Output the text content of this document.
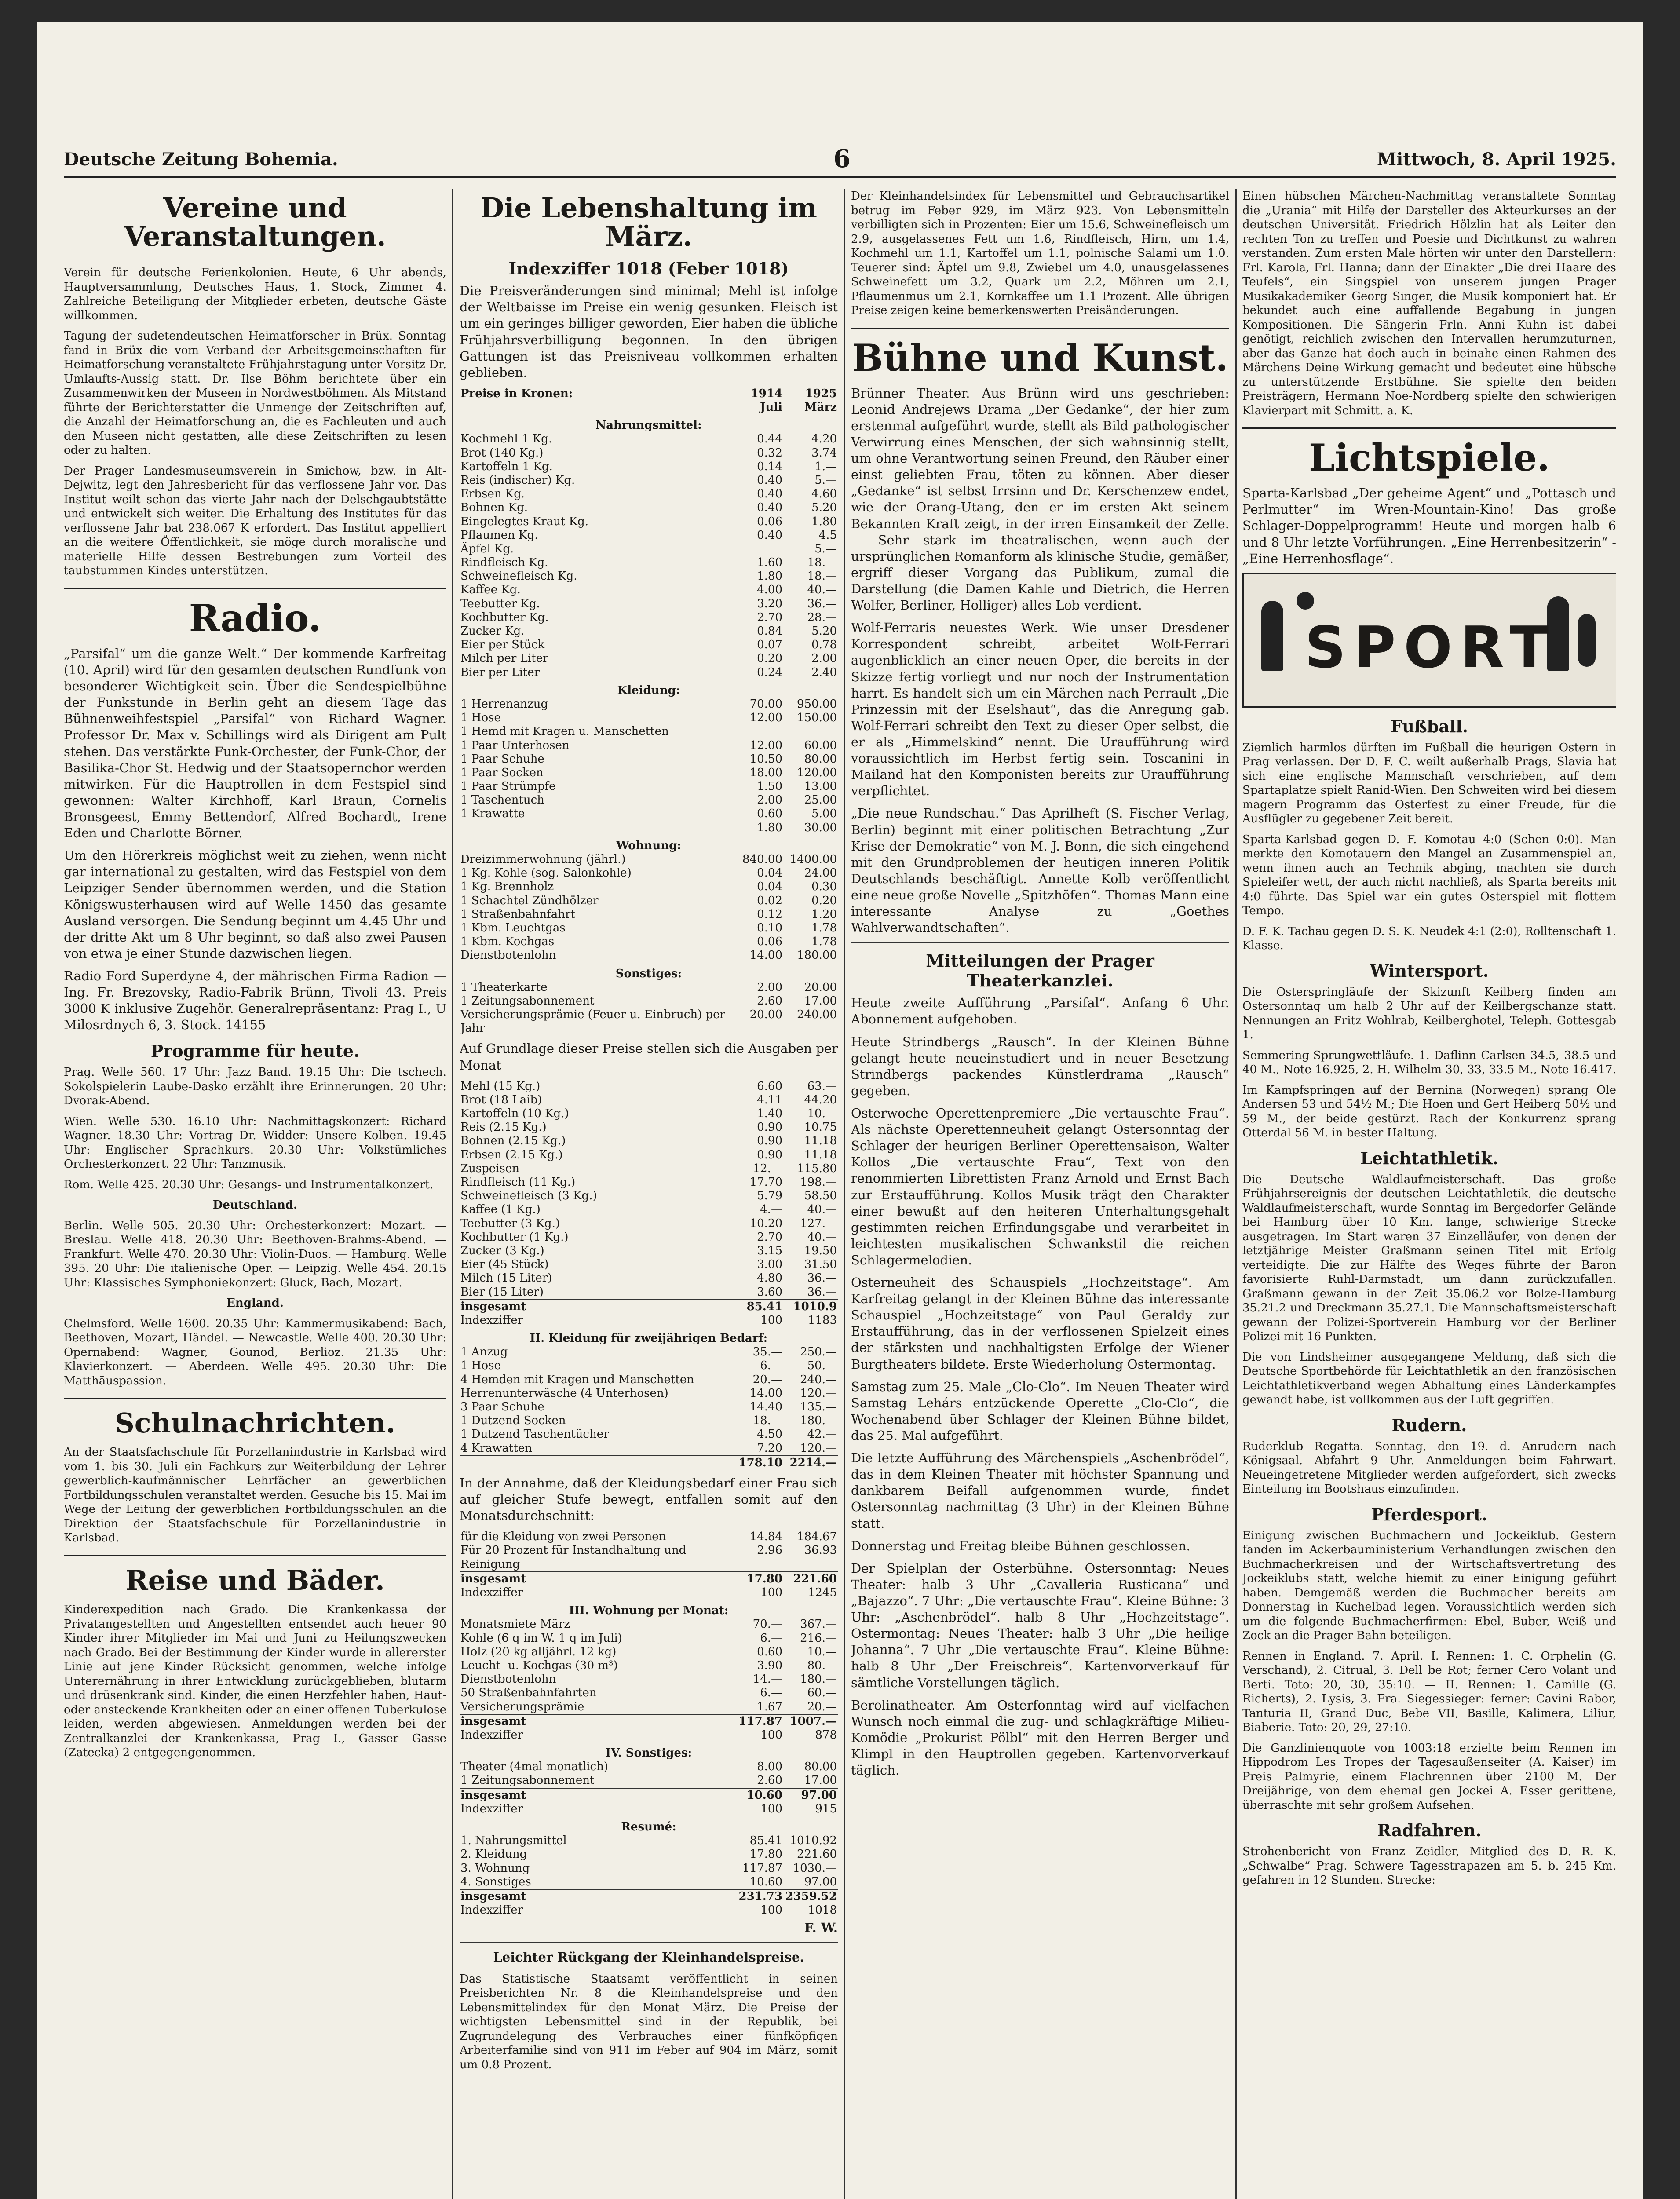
Deutsche Zeitung Bohemia.	6	Mittwoch, 8. April 1925.
Vereine und Veranstaltungen.

Verein für deutsche Ferienkolonien. Heute, 6 Uhr abends, Hauptversammlung, Deutsches Haus, 1. Stock, Zimmer 4. Zahlreiche Beteiligung der Mitglieder erbeten, deutsche Gäste willkommen.

Tagung der sudetendeutschen Heimatforscher in Brüx. Sonntag fand in Brüx die vom Verband der Arbeitsgemeinschaften für Heimatforschung veranstaltete Frühjahrstagung unter Vorsitz Dr. Umlaufts-Aussig statt. Dr. Ilse Böhm berichtete über ein Zusammenwirken der Museen in Nordwestböhmen. Als Mitstand führte der Berichterstatter die Unmenge der Zeitschriften auf, die Anzahl der Heimatforschung an, die es Fachleuten und auch den Museen nicht gestatten, alle diese Zeitschriften zu lesen oder zu halten.

Der Prager Landesmuseumsverein in Smichow, bzw. in Alt-Dejwitz, legt den Jahresbericht für das verflossene Jahr vor. Das Institut weilt schon das vierte Jahr nach der Delschgaubtstätte und entwickelt sich weiter. Die Erhaltung des Institutes für das verflossene Jahr bat 238.067 K erfordert. Das Institut appelliert an die weitere Öffentlichkeit, sie möge durch moralische und materielle Hilfe dessen Bestrebungen zum Vorteil des taubstummen Kindes unterstützen.

Radio.

„Parsifal“ um die ganze Welt.“ Der kommende Karfreitag (10. April) wird für den gesamten deutschen Rundfunk von besonderer Wichtigkeit sein. Über die Sendespielbühne der Funkstunde in Berlin geht an diesem Tage das Bühnenweihfestspiel „Parsifal“ von Richard Wagner. Professor Dr. Max v. Schillings wird als Dirigent am Pult stehen. Das verstärkte Funk-Orchester, der Funk-Chor, der Basilika-Chor St. Hedwig und der Staatsopernchor werden mitwirken. Für die Hauptrollen in dem Festspiel sind gewonnen: Walter Kirchhoff, Karl Braun, Cornelis Bronsgeest, Emmy Bettendorf, Alfred Bochardt, Irene Eden und Charlotte Börner.

Um den Hörerkreis möglichst weit zu ziehen, wenn nicht gar international zu gestalten, wird das Festspiel von dem Leipziger Sender übernommen werden, und die Station Königswusterhausen wird auf Welle 1450 das gesamte Ausland versorgen. Die Sendung beginnt um 4.45 Uhr und der dritte Akt um 8 Uhr beginnt, so daß also zwei Pausen von etwa je einer Stunde dazwischen liegen.

Radio Ford Superdyne 4, der mährischen Firma Radion — Ing. Fr. Brezovsky, Radio-Fabrik Brünn, Tivoli 43. Preis 3000 K inklusive Zugehör. Generalrepräsentanz: Prag I., U Milosrdnych 6, 3. Stock. 14155

Programme für heute.

Prag. Welle 560. 17 Uhr: Jazz Band. 19.15 Uhr: Die tschech. Sokolspielerin Laube-Dasko erzählt ihre Erinnerungen. 20 Uhr: Dvorak-Abend.

Wien. Welle 530. 16.10 Uhr: Nachmittagskonzert: Richard Wagner. 18.30 Uhr: Vortrag Dr. Widder: Unsere Kolben. 19.45 Uhr: Englischer Sprachkurs. 20.30 Uhr: Volkstümliches Orchesterkonzert. 22 Uhr: Tanzmusik.

Rom. Welle 425. 20.30 Uhr: Gesangs- und Instrumentalkonzert.

Deutschland.

Berlin. Welle 505. 20.30 Uhr: Orchesterkonzert: Mozart. — Breslau. Welle 418. 20.30 Uhr: Beethoven-Brahms-Abend. — Frankfurt. Welle 470. 20.30 Uhr: Violin-Duos. — Hamburg. Welle 395. 20 Uhr: Die italienische Oper. — Leipzig. Welle 454. 20.15 Uhr: Klassisches Symphoniekonzert: Gluck, Bach, Mozart.

England.

Chelmsford. Welle 1600. 20.35 Uhr: Kammermusikabend: Bach, Beethoven, Mozart, Händel. — Newcastle. Welle 400. 20.30 Uhr: Opernabend: Wagner, Gounod, Berlioz. 21.35 Uhr: Klavierkonzert. — Aberdeen. Welle 495. 20.30 Uhr: Die Matthäuspassion.

Schulnachrichten.

An der Staatsfachschule für Porzellanindustrie in Karlsbad wird vom 1. bis 30. Juli ein Fachkurs zur Weiterbildung der Lehrer gewerblich-kaufmännischer Lehrfächer an gewerblichen Fortbildungsschulen veranstaltet werden. Gesuche bis 15. Mai im Wege der Leitung der gewerblichen Fortbildungsschulen an die Direktion der Staatsfachschule für Porzellanindustrie in Karlsbad.

Reise und Bäder.

Kinderexpedition nach Grado. Die Krankenkassa der Privatangestellten und Angestellten entsendet auch heuer 90 Kinder ihrer Mitglieder im Mai und Juni zu Heilungszwecken nach Grado. Bei der Bestimmung der Kinder wurde in allererster Linie auf jene Kinder Rücksicht genommen, welche infolge Unterernährung in ihrer Entwicklung zurückgeblieben, blutarm und drüsenkrank sind. Kinder, die einen Herzfehler haben, Haut- oder ansteckende Krankheiten oder an einer offenen Tuberkulose leiden, werden abgewiesen. Anmeldungen werden bei der Zentralkanzlei der Krankenkassa, Prag I., Gasser Gasse (Zatecka) 2 entgegengenommen.

Die Lebenshaltung im März.
Indexziffer 1018 (Feber 1018)

Die Preisveränderungen sind minimal; Mehl ist infolge der Weltbaisse im Preise ein wenig gesunken. Fleisch ist um ein geringes billiger geworden, Eier haben die übliche Frühjahrsverbilligung begonnen. In den übrigen Gattungen ist das Preisniveau vollkommen erhalten geblieben.

Preise in Kronen:	1914	1925
	Juli	März
Nahrungsmittel:		
Kochmehl 1 Kg.	0.44	4.20
Brot (140 Kg.)	0.32	3.74
Kartoffeln 1 Kg.	0.14	1.—
Reis (indischer) Kg.	0.40	5.—
Erbsen Kg.	0.40	4.60
Bohnen Kg.	0.40	5.20
Eingelegtes Kraut Kg.	0.06	1.80
Pflaumen Kg.	0.40	4.5
Äpfel Kg.		5.—
Rindfleisch Kg.	1.60	18.—
Schweinefleisch Kg.	1.80	18.—
Kaffee Kg.	4.00	40.—
Teebutter Kg.	3.20	36.—
Kochbutter Kg.	2.70	28.—
Zucker Kg.	0.84	5.20
Eier per Stück	0.07	0.78
Milch per Liter	0.20	2.00
Bier per Liter	0.24	2.40
Kleidung:		
1 Herrenanzug	70.00	950.00
1 Hose	12.00	150.00
1 Hemd mit Kragen u. Manschetten		
1 Paar Unterhosen	12.00	60.00
1 Paar Schuhe	10.50	80.00
1 Paar Socken	18.00	120.00
1 Paar Strümpfe	1.50	13.00
1 Taschentuch	2.00	25.00
1 Krawatte	0.60	5.00
	1.80	30.00
Wohnung:		
Dreizimmerwohnung (jährl.)	840.00	1400.00
1 Kg. Kohle (sog. Salonkohle)	0.04	24.00
1 Kg. Brennholz	0.04	0.30
1 Schachtel Zündhölzer	0.02	0.20
1 Straßenbahnfahrt	0.12	1.20
1 Kbm. Leuchtgas	0.10	1.78
1 Kbm. Kochgas	0.06	1.78
Dienstbotenlohn	14.00	180.00
Sonstiges:		
1 Theaterkarte	2.00	20.00
1 Zeitungsabonnement	2.60	17.00
Versicherungsprämie (Feuer u. Einbruch) per Jahr	20.00	240.00

Auf Grundlage dieser Preise stellen sich die Ausgaben per Monat

Mehl (15 Kg.)	6.60	63.—
Brot (18 Laib)	4.11	44.20
Kartoffeln (10 Kg.)	1.40	10.—
Reis (2.15 Kg.)	0.90	10.75
Bohnen (2.15 Kg.)	0.90	11.18
Erbsen (2.15 Kg.)	0.90	11.18
Zuspeisen	12.—	115.80
Rindfleisch (11 Kg.)	17.70	198.—
Schweinefleisch (3 Kg.)	5.79	58.50
Kaffee (1 Kg.)	4.—	40.—
Teebutter (3 Kg.)	10.20	127.—
Kochbutter (1 Kg.)	2.70	40.—
Zucker (3 Kg.)	3.15	19.50
Eier (45 Stück)	3.00	31.50
Milch (15 Liter)	4.80	36.—
Bier (15 Liter)	3.60	36.—
insgesamt	85.41	1010.9
Indexziffer	100	1183
II. Kleidung für zweijährigen Bedarf:		
1 Anzug	35.—	250.—
1 Hose	6.—	50.—
4 Hemden mit Kragen und Manschetten	20.—	240.—
Herrenunterwäsche (4 Unterhosen)	14.00	120.—
3 Paar Schuhe	14.40	135.—
1 Dutzend Socken	18.—	180.—
1 Dutzend Taschentücher	4.50	42.—
4 Krawatten	7.20	120.—
	178.10	2214.—

In der Annahme, daß der Kleidungsbedarf einer Frau sich auf gleicher Stufe bewegt, entfallen somit auf den Monatsdurchschnitt:

für die Kleidung von zwei Personen	14.84	184.67
Für 20 Prozent für Instandhaltung und Reinigung	2.96	36.93
insgesamt	17.80	221.60
Indexziffer	100	1245
III. Wohnung per Monat:		
Monatsmiete März	70.—	367.—
Kohle (6 q im W. 1 q im Juli)	6.—	216.—
Holz (20 kg alljährl. 12 kg)	0.60	10.—
Leucht- u. Kochgas (30 m³)	3.90	80.—
Dienstbotenlohn	14.—	180.—
50 Straßenbahnfahrten	6.—	60.—
Versicherungsprämie	1.67	20.—
insgesamt	117.87	1007.—
Indexziffer	100	878
IV. Sonstiges:		
Theater (4mal monatlich)	8.00	80.00
1 Zeitungsabonnement	2.60	17.00
insgesamt	10.60	97.00
Indexziffer	100	915
Resumé:		
1. Nahrungsmittel	85.41	1010.92
2. Kleidung	17.80	221.60
3. Wohnung	117.87	1030.—
4. Sonstiges	10.60	97.00
insgesamt	231.73	2359.52
Indexziffer	100	1018

F. W.

Leichter Rückgang der Kleinhandelspreise.

Das Statistische Staatsamt veröffentlicht in seinen Preisberichten Nr. 8 die Kleinhandelspreise und den Lebensmittelindex für den Monat März. Die Preise der wichtigsten Lebensmittel sind in der Republik, bei Zugrundelegung des Verbrauches einer fünfköpfigen Arbeiterfamilie sind von 911 im Feber auf 904 im März, somit um 0.8 Prozent.

Der Kleinhandelsindex für Lebensmittel und Gebrauchsartikel betrug im Feber 929, im März 923. Von Lebensmitteln verbilligten sich in Prozenten: Eier um 15.6, Schweinefleisch um 2.9, ausgelassenes Fett um 1.6, Rindfleisch, Hirn, um 1.4, Kochmehl um 1.1, Kartoffel um 1.1, polnische Salami um 1.0. Teuerer sind: Äpfel um 9.8, Zwiebel um 4.0, unausgelassenes Schweinefett um 3.2, Quark um 2.2, Möhren um 2.1, Pflaumenmus um 2.1, Kornkaffee um 1.1 Prozent. Alle übrigen Preise zeigen keine bemerkenswerten Preisänderungen.

Bühne und Kunst.

Brünner Theater. Aus Brünn wird uns geschrieben: Leonid Andrejews Drama „Der Gedanke“, der hier zum erstenmal aufgeführt wurde, stellt als Bild pathologischer Verwirrung eines Menschen, der sich wahnsinnig stellt, um ohne Verantwortung seinen Freund, den Räuber einer einst geliebten Frau, töten zu können. Aber dieser „Gedanke“ ist selbst Irrsinn und Dr. Kerschenzew endet, wie der Orang-Utang, den er im ersten Akt seinem Bekannten Kraft zeigt, in der irren Einsamkeit der Zelle. — Sehr stark im theatralischen, wenn auch der ursprünglichen Romanform als klinische Studie, gemäßer, ergriff dieser Vorgang das Publikum, zumal die Darstellung (die Damen Kahle und Dietrich, die Herren Wolfer, Berliner, Holliger) alles Lob verdient.

Wolf-Ferraris neuestes Werk. Wie unser Dresdener Korrespondent schreibt, arbeitet Wolf-Ferrari augenblicklich an einer neuen Oper, die bereits in der Skizze fertig vorliegt und nur noch der Instrumentation harrt. Es handelt sich um ein Märchen nach Perrault „Die Prinzessin mit der Eselshaut“, das die Anregung gab. Wolf-Ferrari schreibt den Text zu dieser Oper selbst, die er als „Himmelskind“ nennt. Die Uraufführung wird voraussichtlich im Herbst fertig sein. Toscanini in Mailand hat den Komponisten bereits zur Uraufführung verpflichtet.

„Die neue Rundschau.“ Das Aprilheft (S. Fischer Verlag, Berlin) beginnt mit einer politischen Betrachtung „Zur Krise der Demokratie“ von M. J. Bonn, die sich eingehend mit den Grundproblemen der heutigen inneren Politik Deutschlands beschäftigt. Annette Kolb veröffentlicht eine neue große Novelle „Spitzhöfen“. Thomas Mann eine interessante Analyse zu „Goethes Wahlverwandtschaften“.

Mitteilungen der Prager Theaterkanzlei.

Heute zweite Aufführung „Parsifal“. Anfang 6 Uhr. Abonnement aufgehoben.

Heute Strindbergs „Rausch“. In der Kleinen Bühne gelangt heute neueinstudiert und in neuer Besetzung Strindbergs packendes Künstlerdrama „Rausch“ gegeben.

Osterwoche Operettenpremiere „Die vertauschte Frau“. Als nächste Operettenneuheit gelangt Ostersonntag der Schlager der heurigen Berliner Operettensaison, Walter Kollos „Die vertauschte Frau“, Text von den renommierten Librettisten Franz Arnold und Ernst Bach zur Erstaufführung. Kollos Musik trägt den Charakter einer bewußt auf den heiteren Unterhaltungsgehalt gestimmten reichen Erfindungsgabe und verarbeitet in leichtesten musikalischen Schwankstil die reichen Schlagermelodien.

Osterneuheit des Schauspiels „Hochzeitstage“. Am Karfreitag gelangt in der Kleinen Bühne das interessante Schauspiel „Hochzeitstage“ von Paul Geraldy zur Erstaufführung, das in der verflossenen Spielzeit eines der stärksten und nachhaltigsten Erfolge der Wiener Burgtheaters bildete. Erste Wiederholung Ostermontag.

Samstag zum 25. Male „Clo-Clo“. Im Neuen Theater wird Samstag Lehárs entzückende Operette „Clo-Clo“, die Wochenabend über Schlager der Kleinen Bühne bildet, das 25. Mal aufgeführt.

Die letzte Aufführung des Märchenspiels „Aschenbrödel“, das in dem Kleinen Theater mit höchster Spannung und dankbarem Beifall aufgenommen wurde, findet Ostersonntag nachmittag (3 Uhr) in der Kleinen Bühne statt.

Donnerstag und Freitag bleibe Bühnen geschlossen.

Der Spielplan der Osterbühne. Ostersonntag: Neues Theater: halb 3 Uhr „Cavalleria Rusticana“ und „Bajazzo“. 7 Uhr: „Die vertauschte Frau“. Kleine Bühne: 3 Uhr: „Aschenbrödel“. halb 8 Uhr „Hochzeitstage“. Ostermontag: Neues Theater: halb 3 Uhr „Die heilige Johanna“. 7 Uhr „Die vertauschte Frau“. Kleine Bühne: halb 8 Uhr „Der Freischreis“. Kartenvorverkauf für sämtliche Vorstellungen täglich.

Berolinatheater. Am Osterfonntag wird auf vielfachen Wunsch noch einmal die zug- und schlagkräftige Milieu-Komödie „Prokurist Pölbl“ mit den Herren Berger und Klimpl in den Hauptrollen gegeben. Kartenvorverkauf täglich.

Einen hübschen Märchen-Nachmittag veranstaltete Sonntag die „Urania“ mit Hilfe der Darsteller des Akteurkurses an der deutschen Universität. Friedrich Hölzlin hat als Leiter den rechten Ton zu treffen und Poesie und Dichtkunst zu wahren verstanden. Zum ersten Male hörten wir unter den Darstellern: Frl. Karola, Frl. Hanna; dann der Einakter „Die drei Haare des Teufels“, ein Singspiel von unserem jungen Prager Musikakademiker Georg Singer, die Musik komponiert hat. Er bekundet auch eine auffallende Begabung in jungen Kompositionen. Die Sängerin Frln. Anni Kuhn ist dabei genötigt, reichlich zwischen den Intervallen herumzuturnen, aber das Ganze hat doch auch in beinahe einen Rahmen des Märchens Deine Wirkung gemacht und bedeutet eine hübsche zu unterstützende Erstbühne. Sie spielte den beiden Preisträgern, Hermann Noe-Nordberg spielte den schwierigen Klavierpart mit Schmitt. a. K.

Lichtspiele.

Sparta-Karlsbad „Der geheime Agent“ und „Pottasch und Perlmutter“ im Wren-Mountain-Kino! Das große Schlager-Doppelprogramm! Heute und morgen halb 6 und 8 Uhr letzte Vorführungen. „Eine Herrenbesitzerin“ - „Eine Herrenhosflage“.

SPORT
Fußball.

Ziemlich harmlos dürften im Fußball die heurigen Ostern in Prag verlassen. Der D. F. C. weilt außerhalb Prags, Slavia hat sich eine englische Mannschaft verschrieben, auf dem Spartaplatze spielt Ranid-Wien. Den Schweiten wird bei diesem magern Programm das Osterfest zu einer Freude, für die Ausflügler zu gegebener Zeit bereit.

Sparta-Karlsbad gegen D. F. Komotau 4:0 (Schen 0:0). Man merkte den Komotauern den Mangel an Zusammenspiel an, wenn ihnen auch an Technik abging, machten sie durch Spieleifer wett, der auch nicht nachließ, als Sparta bereits mit 4:0 führte. Das Spiel war ein gutes Osterspiel mit flottem Tempo.

D. F. K. Tachau gegen D. S. K. Neudek 4:1 (2:0), Rolltenschaft 1. Klasse.

Wintersport.

Die Osterspringläufe der Skizunft Keilberg finden am Ostersonntag um halb 2 Uhr auf der Keilbergschanze statt. Nennungen an Fritz Wohlrab, Keilberghotel, Teleph. Gottesgab 1.

Semmering-Sprungwettläufe. 1. Daflinn Carlsen 34.5, 38.5 und 40 M., Note 16.925, 2. H. Wilhelm 30, 33, 33.5 M., Note 16.417.

Im Kampfspringen auf der Bernina (Norwegen) sprang Ole Andersen 53 und 54½ M.; Die Hoen und Gert Heiberg 50½ und 59 M., der beide gestürzt. Rach der Konkurrenz sprang Otterdal 56 M. in bester Haltung.

Leichtathletik.

Die Deutsche Waldlaufmeisterschaft. Das große Frühjahrsereignis der deutschen Leichtathletik, die deutsche Waldlaufmeisterschaft, wurde Sonntag im Bergedorfer Gelände bei Hamburg über 10 Km. lange, schwierige Strecke ausgetragen. Im Start waren 37 Einzelläufer, von denen der letztjährige Meister Graßmann seinen Titel mit Erfolg verteidigte. Die zur Hälfte des Weges führte der Baron favorisierte Ruhl-Darmstadt, um dann zurückzufallen. Graßmann gewann in der Zeit 35.06.2 vor Bolze-Hamburg 35.21.2 und Dreckmann 35.27.1. Die Mannschaftsmeisterschaft gewann der Polizei-Sportverein Hamburg vor der Berliner Polizei mit 16 Punkten.

Die von Lindsheimer ausgegangene Meldung, daß sich die Deutsche Sportbehörde für Leichtathletik an den französischen Leichtathletikverband wegen Abhaltung eines Länderkampfes gewandt habe, ist vollkommen aus der Luft gegriffen.

Rudern.

Ruderklub Regatta. Sonntag, den 19. d. Anrudern nach Königsaal. Abfahrt 9 Uhr. Anmeldungen beim Fahrwart. Neueingetretene Mitglieder werden aufgefordert, sich zwecks Einteilung im Bootshaus einzufinden.

Pferdesport.

Einigung zwischen Buchmachern und Jockeiklub. Gestern fanden im Ackerbauministerium Verhandlungen zwischen den Buchmacherkreisen und der Wirtschaftsvertretung des Jockeiklubs statt, welche hiemit zu einer Einigung geführt haben. Demgemäß werden die Buchmacher bereits am Donnerstag in Kuchelbad legen. Voraussichtlich werden sich um die folgende Buchmacherfirmen: Ebel, Buber, Weiß und Zock an die Prager Bahn beteiligen.

Rennen in England. 7. April. I. Rennen: 1. C. Orphelin (G. Verschand), 2. Citrual, 3. Dell be Rot; ferner Cero Volant und Berti. Toto: 20, 30, 35:10. — II. Rennen: 1. Camille (G. Richerts), 2. Lysis, 3. Fra. Siegessieger: ferner: Cavini Rabor, Tanturia II, Grand Duc, Bebe VII, Basille, Kalimera, Liliur, Biaberie. Toto: 20, 29, 27:10.

Die Ganzlinienquote von 1003:18 erzielte beim Rennen im Hippodrom Les Tropes der Tagesaußenseiter (A. Kaiser) im Preis Palmyrie, einem Flachrennen über 2100 M. Der Dreijährige, von dem ehemal gen Jockei A. Esser gerittene, überraschte mit sehr großem Aufsehen.

Radfahren.

Strohenbericht von Franz Zeidler, Mitglied des D. R. K. „Schwalbe“ Prag. Schwere Tagesstrapazen am 5. b. 245 Km. gefahren in 12 Stunden. Strecke:
